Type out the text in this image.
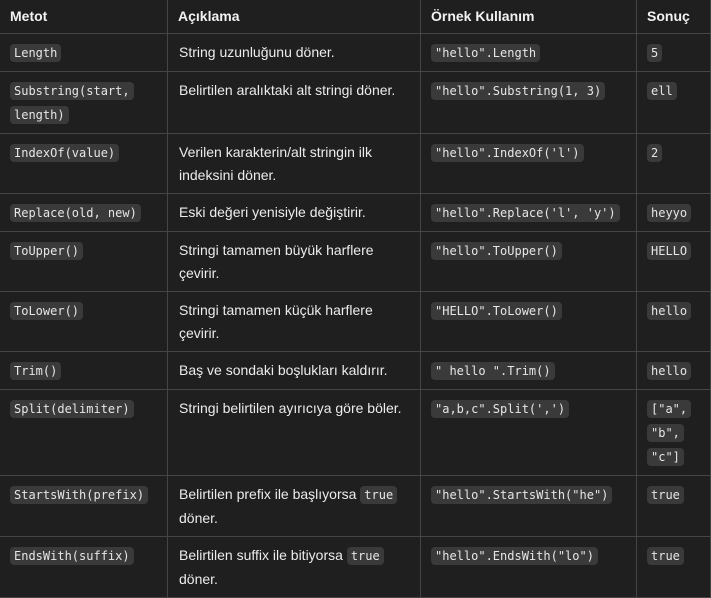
Metot	Açıklama	Örnek Kullanım	Sonuç
Length	String uzunluğunu döner.	"hello".Length	5
Substring(start, length)	Belirtilen aralıktaki alt stringi döner.	"hello".Substring(1, 3)	ell
IndexOf(value)	Verilen karakterin/alt stringin ilk indeksini döner.	"hello".IndexOf('l')	2
Replace(old, new)	Eski değeri yenisiyle değiştirir.	"hello".Replace('l', 'y')	heyyo
ToUpper()	Stringi tamamen büyük harflere çevirir.	"hello".ToUpper()	HELLO
ToLower()	Stringi tamamen küçük harflere çevirir.	"HELLO".ToLower()	hello
Trim()	Baş ve sondaki boşlukları kaldırır.	" hello ".Trim()	hello
Split(delimiter)	Stringi belirtilen ayırıcıya göre böler.	"a,b,c".Split(',')	["a", "b", "c"]
StartsWith(prefix)	Belirtilen prefix ile başlıyorsa true döner.	"hello".StartsWith("he")	true
EndsWith(suffix)	Belirtilen suffix ile bitiyorsa true döner.	"hello".EndsWith("lo")	true
